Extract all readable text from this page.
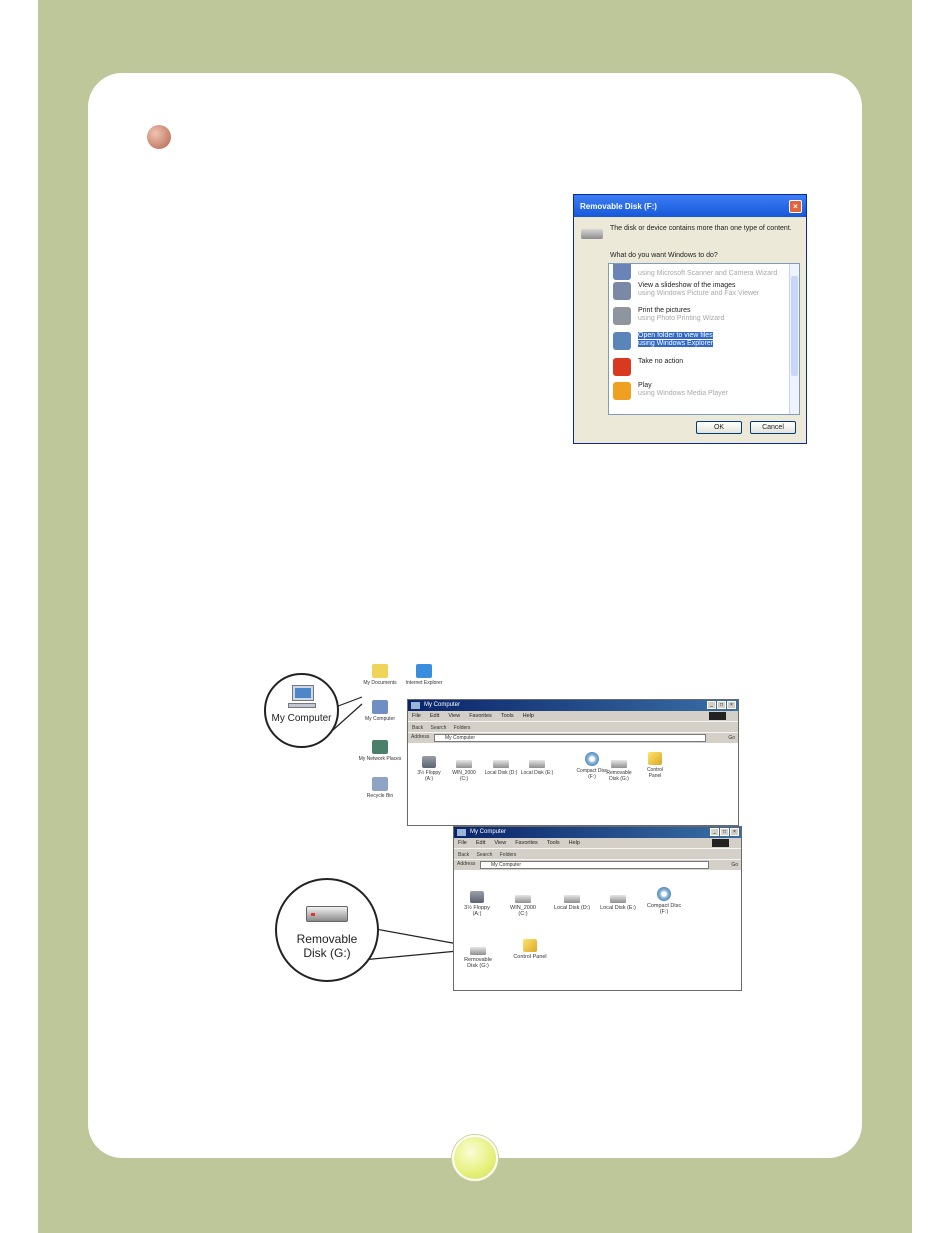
Removable Disk (F:)	×
The disk or device contains more than one type of content.
What do you want Windows to do?
using Microsoft Scanner and Camera Wizard
View a slideshow of the images
using Windows Picture and Fax Viewer
Print the pictures
using Photo Printing Wizard
Open folder to view files
using Windows Explorer
Take no action
Play
using Windows Media Player
OK	Cancel
My Documents	Internet Explorer
My Computer
My Network Places
Recycle Bin
My Computer
Removable Disk (G:)
My Computer	_ □ ×
File Edit View Favorites Tools Help
Back Search Folders
Address	My Computer	Go
3½ Floppy (A:)
WIN_2000 (C:)
Local Disk (D:) Local Disk (E:)	Compact Disc (F:)
Removable Disk (G:)
Control Panel
My Computer	_ □ ×
File Edit View Favorites Tools Help
Back Search Folders
Address	My Computer	Go
3½ Floppy (A:)
WIN_2000 (C:)
Local Disk (D:)	Local Disk (E:)	Compact Disc (F:)
Removable Disk (G:)
Control Panel
